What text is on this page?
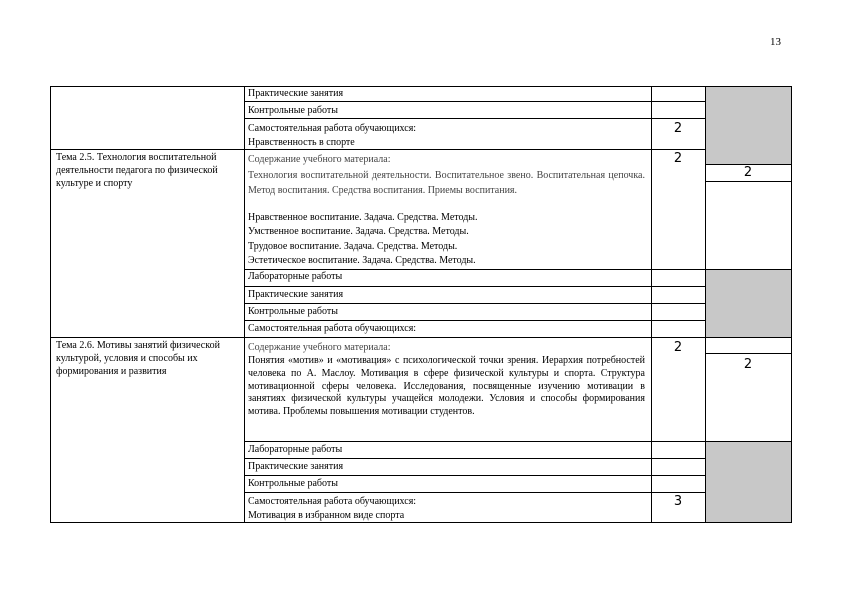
13
Практические занятия
Контрольные работы
Самостоятельная работа обучающихся:
Нравственность в спорте
2
Тема 2.5. Технология воспитательной деятельности педагога по физической культуре и спорту
Содержание учебного материала:
Технология воспитательной деятельности. Воспитательное звено. Воспитательная цепочка. Метод воспитания. Средства воспитания. Приемы воспитания.
Нравственное воспитание. Задача. Средства. Методы.
Умственное воспитание. Задача. Средства. Методы.
Трудовое воспитание. Задача. Средства. Методы.
Эстетическое воспитание. Задача. Средства. Методы.
2
2
Лабораторные работы
Практические занятия
Контрольные работы
Самостоятельная работа обучающихся:
Тема 2.6. Мотивы занятий физической культурой, условия и способы их формирования и развития
Содержание учебного материала:
Понятия «мотив» и «мотивация» с психологической точки зрения. Иерархия потребностей человека по А. Маслоу. Мотивация в сфере физической культуры и спорта. Структура мотивационной сферы человека. Исследования, посвященные изучению мотивации в занятиях физической культуры учащейся молодежи. Условия и способы формирования мотива. Проблемы повышения мотивации студентов.
2
2
Лабораторные работы
Практические занятия
Контрольные работы
Самостоятельная работа обучающихся:
Мотивация в избранном виде спорта
3
